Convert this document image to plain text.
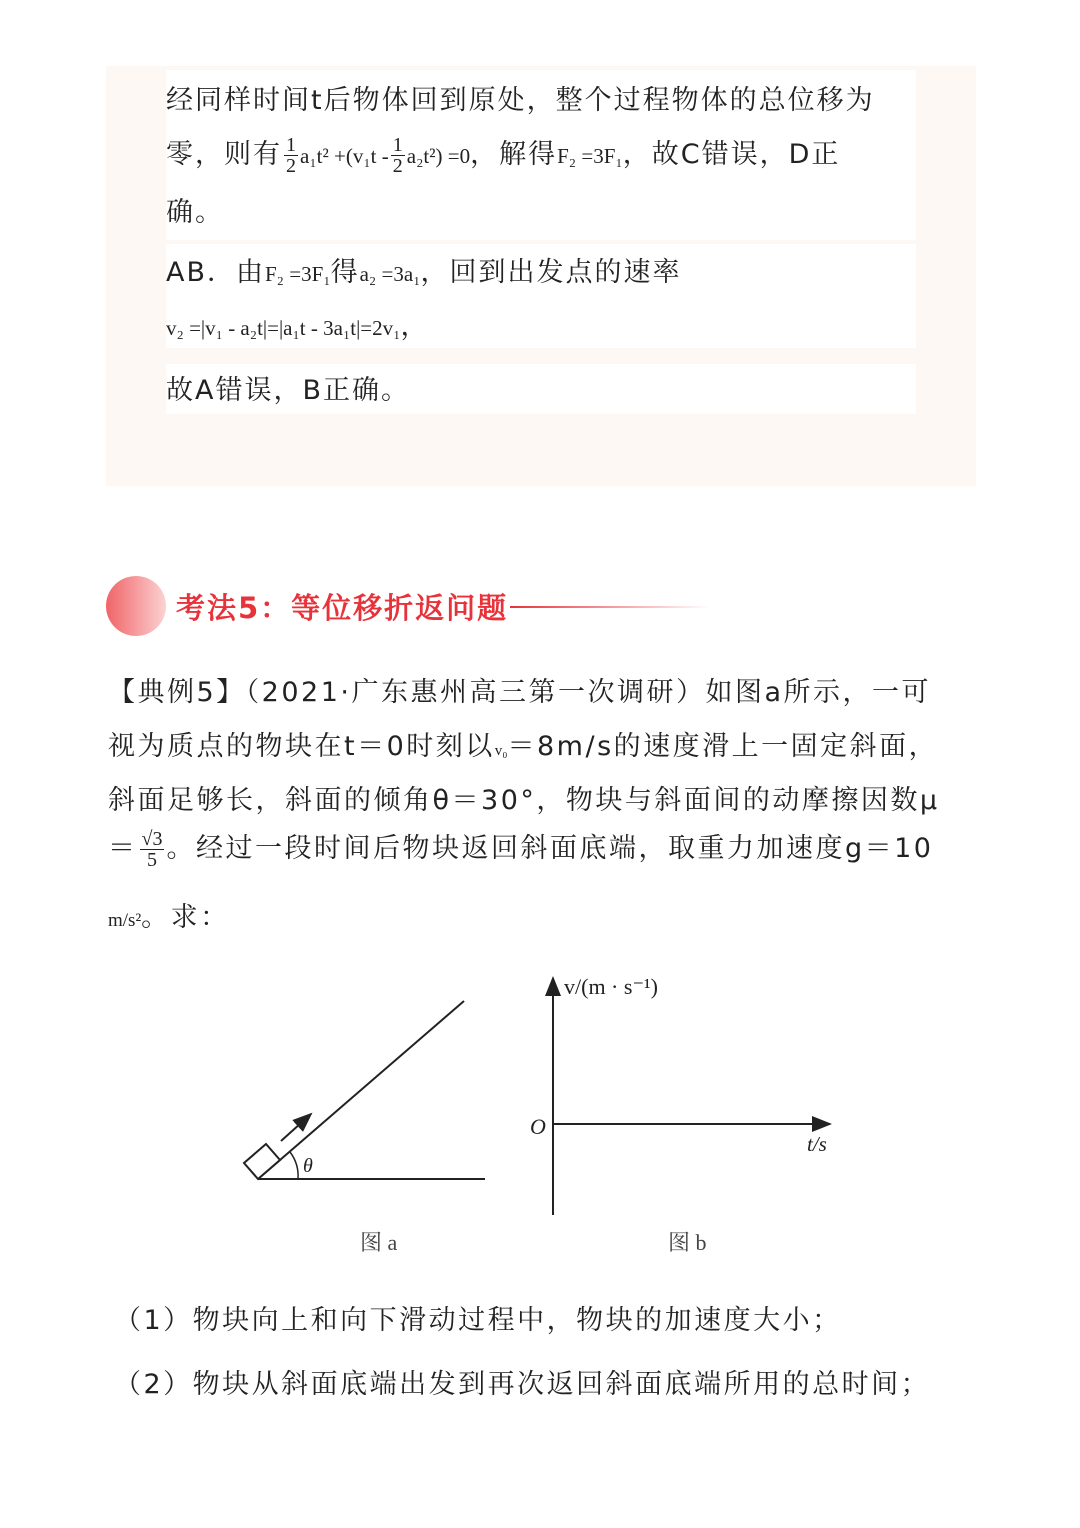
经同样时间t后物体回到原处，整个过程物体的总位移为
零，则有 $\frac{1}{2} a_1t^2 +(v_1t - \frac{1}{2} a_2t^2) =0$，解得F₂ =3F₁，故C错误，D正
确。
AB．由F₂ =3F₁得a₂ =3a₁，回到出发点的速率
v₂ =|v₁ - a₂t|=|a₁t - 3a₁t|=2v₁，
故A错误，B正确。
考法5：等位移折返问题
【典例5】（2021·广东惠州高三第一次调研）如图a所示，一可
视为质点的物块在t＝0时刻以v₀＝8m/s的速度滑上一固定斜面，
斜面足够长，斜面的倾角θ＝30°，物块与斜面间的动摩擦因数μ
＝ $\frac{√3}{5}$ 。经过一段时间后物块返回斜面底端，取重力加速度g＝10
m/s²。求：
θ
图 a
v/(m · s⁻¹)
t/s
O
图 b
（1）物块向上和向下滑动过程中，物块的加速度大小；
（2）物块从斜面底端出发到再次返回斜面底端所用的总时间；
